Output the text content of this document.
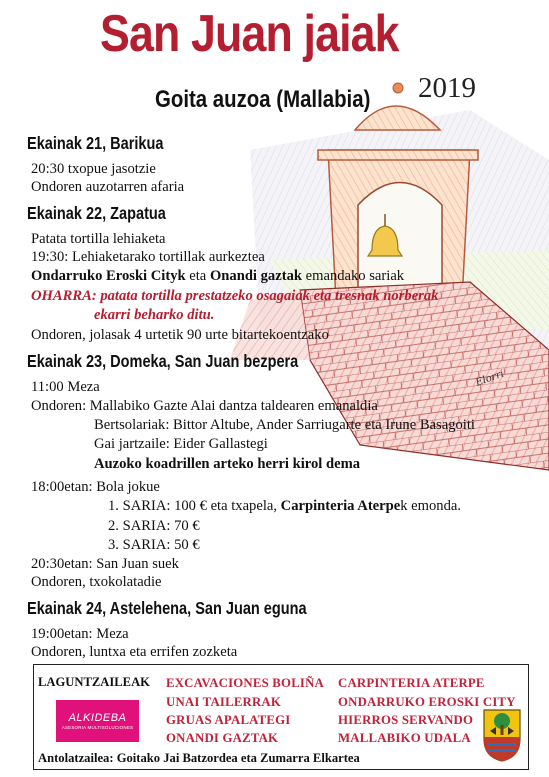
Elorri
San Juan jaiak
2019
Goita auzoa (Mallabia)
Ekainak 21, Barikua
20:30 txopue jasotzie
Ondoren auzotarren afaria
Ekainak 22, Zapatua
Patata tortilla lehiaketa
19:30: Lehiaketarako tortillak aurkeztea
Ondarruko Eroski Cityk eta Onandi gaztak emandako sariak
OHARRA: patata tortilla prestatzeko osagaiak eta tresnak norberak
ekarri beharko ditu.
Ondoren, jolasak 4 urtetik 90 urte bitartekoentzako
Ekainak 23, Domeka, San Juan bezpera
11:00 Meza
Ondoren: Mallabiko Gazte Alai dantza taldearen emanaldia
Bertsolariak: Bittor Altube, Ander Sarriugarte eta Irune Basagoiti
Gai jartzaile: Eider Gallastegi
Auzoko koadrillen arteko herri kirol dema
18:00etan: Bola jokue
1. SARIA: 100 € eta txapela, Carpinteria Aterpek emonda.
2. SARIA: 70 €
3. SARIA: 50 €
20:30etan: San Juan suek
Ondoren, txokolatadie
Ekainak 24, Astelehena, San Juan eguna
19:00etan: Meza
Ondoren, luntxa eta errifen zozketa
LAGUNTZAILEAK
ALKIDEBA
ASESORIA MULTISOLUCIONES
EXCAVACIONES BOLIÑA
UNAI TAILERRAK
GRUAS APALATEGI
ONANDI GAZTAK
CARPINTERIA ATERPE
ONDARRUKO EROSKI CITY
HIERROS SERVANDO
MALLABIKO UDALA
Antolatzailea: Goitako Jai Batzordea eta Zumarra Elkartea
